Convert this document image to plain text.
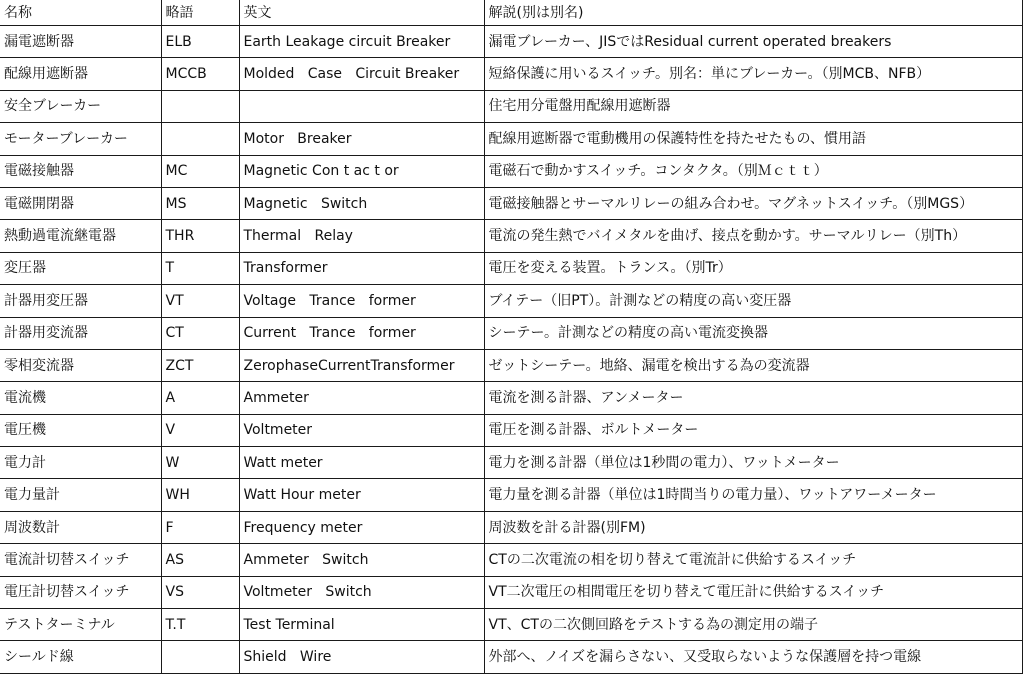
名称	略語	英文	解説(別は別名)
漏電遮断器	ELB	Earth Leakage circuit Breaker	漏電ブレーカー、JISではResidual current operated breakers
配線用遮断器	MCCB	Molded   Case   Circuit Breaker	短絡保護に用いるスイッチ。別名：単にブレーカー。（別MCB、NFB）
安全ブレーカー			住宅用分電盤用配線用遮断器
モーターブレーカー		Motor   Breaker	配線用遮断器で電動機用の保護特性を持たせたもの、慣用語
電磁接触器	MC	Magnetic Con t ac t or	電磁石で動かすスイッチ。コンタクタ。（別Ｍｃｔｔ）
電磁開閉器	MS	Magnetic   Switch	電磁接触器とサーマルリレーの組み合わせ。マグネットスイッチ。（別MGS）
熱動過電流継電器	THR	Thermal   Relay	電流の発生熱でバイメタルを曲げ、接点を動かす。サーマルリレー（別Th）
変圧器	T	Transformer	電圧を変える装置。トランス。（別Tr）
計器用変圧器	VT	Voltage   Trance   former	ブイテー（旧PT）。計測などの精度の高い変圧器
計器用変流器	CT	Current   Trance   former	シーテー。計測などの精度の高い電流変換器
零相変流器	ZCT	ZerophaseCurrentTransformer	ゼットシーテー。地絡、漏電を検出する為の変流器
電流機	A	Ammeter	電流を測る計器、アンメーター
電圧機	V	Voltmeter	電圧を測る計器、ボルトメーター
電力計	W	Watt meter	電力を測る計器（単位は1秒間の電力）、ワットメーター
電力量計	WH	Watt Hour meter	電力量を測る計器（単位は1時間当りの電力量）、ワットアワーメーター
周波数計	F	Frequency meter	周波数を計る計器(別FM)
電流計切替スイッチ	AS	Ammeter   Switch	CTの二次電流の相を切り替えて電流計に供給するスイッチ
電圧計切替スイッチ	VS	Voltmeter   Switch	VT二次電圧の相間電圧を切り替えて電圧計に供給するスイッチ
テストターミナル	T.T	Test Terminal	VT、CTの二次側回路をテストする為の測定用の端子
シールド線		Shield   Wire	外部へ、ノイズを漏らさない、又受取らないような保護層を持つ電線
